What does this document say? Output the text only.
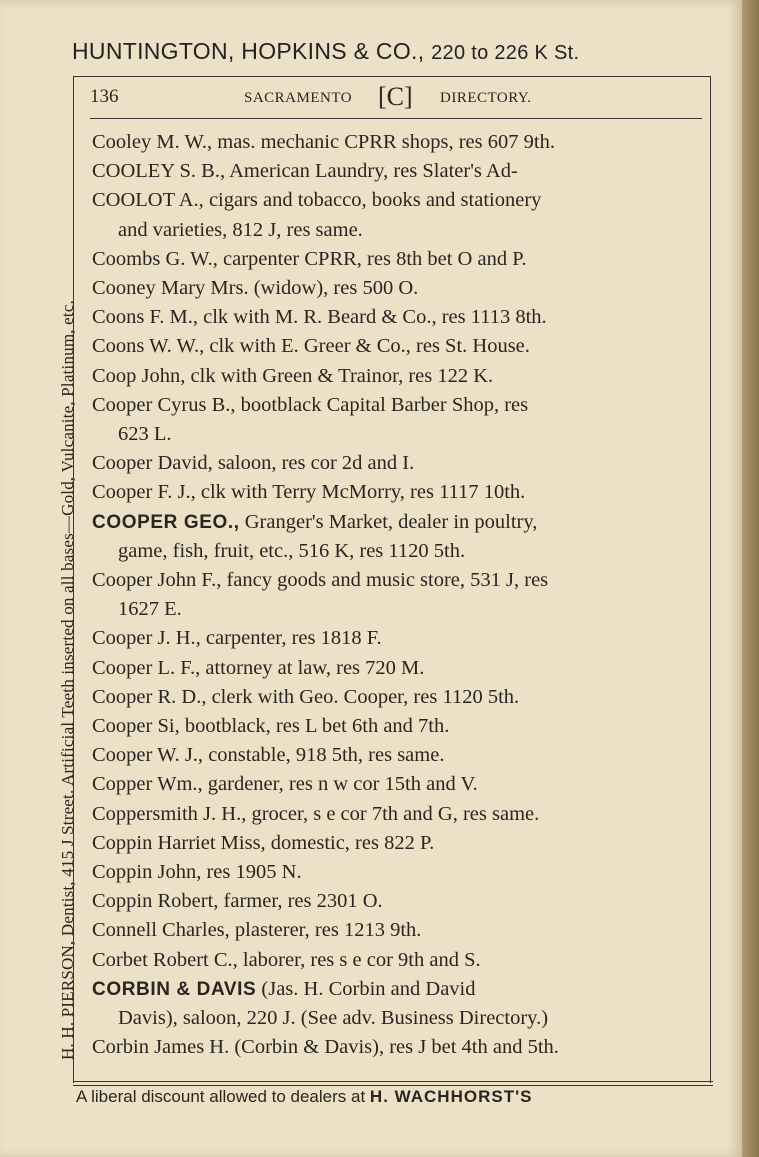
HUNTINGTON, HOPKINS & CO., 220 to 226 K St.
H. H. PIERSON, Dentist, 415 J Street. Artificial Teeth inserted on all bases—Gold, Vulcanite, Platinum, etc.
136	SACRAMENTO [C] DIRECTORY.
Cooley M. W., mas. mechanic CPRR shops, res 607 9th.
COOLEY S. B., American Laundry, res Slater's Ad-
COOLOT A., cigars and tobacco, books and stationery
and varieties, 812 J, res same.
Coombs G. W., carpenter CPRR, res 8th bet O and P.
Cooney Mary Mrs. (widow), res 500 O.
Coons F. M., clk with M. R. Beard & Co., res 1113 8th.
Coons W. W., clk with E. Greer & Co., res St. House.
Coop John, clk with Green & Trainor, res 122 K.
Cooper Cyrus B., bootblack Capital Barber Shop, res
623 L.
Cooper David, saloon, res cor 2d and I.
Cooper F. J., clk with Terry McMorry, res 1117 10th.
COOPER GEO., Granger's Market, dealer in poultry,
game, fish, fruit, etc., 516 K, res 1120 5th.
Cooper John F., fancy goods and music store, 531 J, res
1627 E.
Cooper J. H., carpenter, res 1818 F.
Cooper L. F., attorney at law, res 720 M.
Cooper R. D., clerk with Geo. Cooper, res 1120 5th.
Cooper Si, bootblack, res L bet 6th and 7th.
Cooper W. J., constable, 918 5th, res same.
Copper Wm., gardener, res n w cor 15th and V.
Coppersmith J. H., grocer, s e cor 7th and G, res same.
Coppin Harriet Miss, domestic, res 822 P.
Coppin John, res 1905 N.
Coppin Robert, farmer, res 2301 O.
Connell Charles, plasterer, res 1213 9th.
Corbet Robert C., laborer, res s e cor 9th and S.
CORBIN & DAVIS (Jas. H. Corbin and David
Davis), saloon, 220 J. (See adv. Business Directory.)
Corbin James H. (Corbin & Davis), res J bet 4th and 5th.
A liberal discount allowed to dealers at H. WACHHORST'S
